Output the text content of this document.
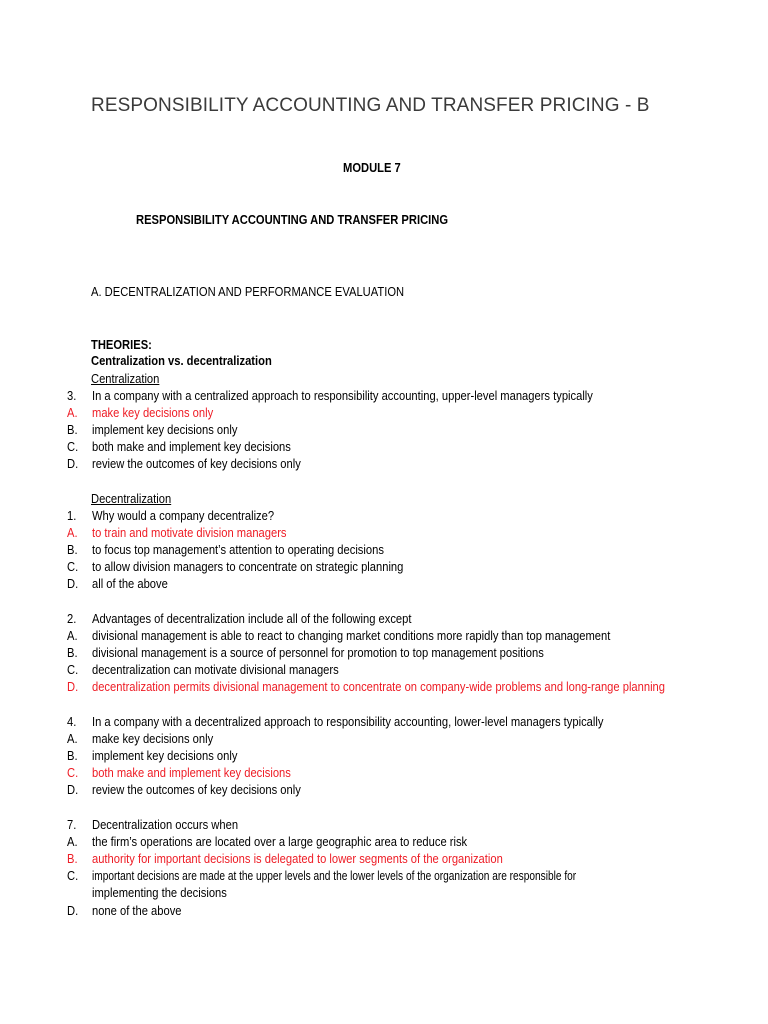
RESPONSIBILITY ACCOUNTING AND TRANSFER PRICING - B
MODULE 7
RESPONSIBILITY ACCOUNTING AND TRANSFER PRICING
A. DECENTRALIZATION AND PERFORMANCE EVALUATION
THEORIES:
Centralization vs. decentralization
Centralization
3. In a company with a centralized approach to responsibility accounting, upper-level managers typically
A. make key decisions only
B. implement key decisions only
C. both make and implement key decisions
D. review the outcomes of key decisions only
Decentralization
1. Why would a company decentralize?
A. to train and motivate division managers
B. to focus top management’s attention to operating decisions
C. to allow division managers to concentrate on strategic planning
D. all of the above
2. Advantages of decentralization include all of the following except
A. divisional management is able to react to changing market conditions more rapidly than top management
B. divisional management is a source of personnel for promotion to top management positions
C. decentralization can motivate divisional managers
D. decentralization permits divisional management to concentrate on company-wide problems and long-range planning
4. In a company with a decentralized approach to responsibility accounting, lower-level managers typically
A. make key decisions only
B. implement key decisions only
C. both make and implement key decisions
D. review the outcomes of key decisions only
7. Decentralization occurs when
A. the firm’s operations are located over a large geographic area to reduce risk
B. authority for important decisions is delegated to lower segments of the organization
C. important decisions are made at the upper levels and the lower levels of the organization are responsible for
implementing the decisions
D. none of the above
